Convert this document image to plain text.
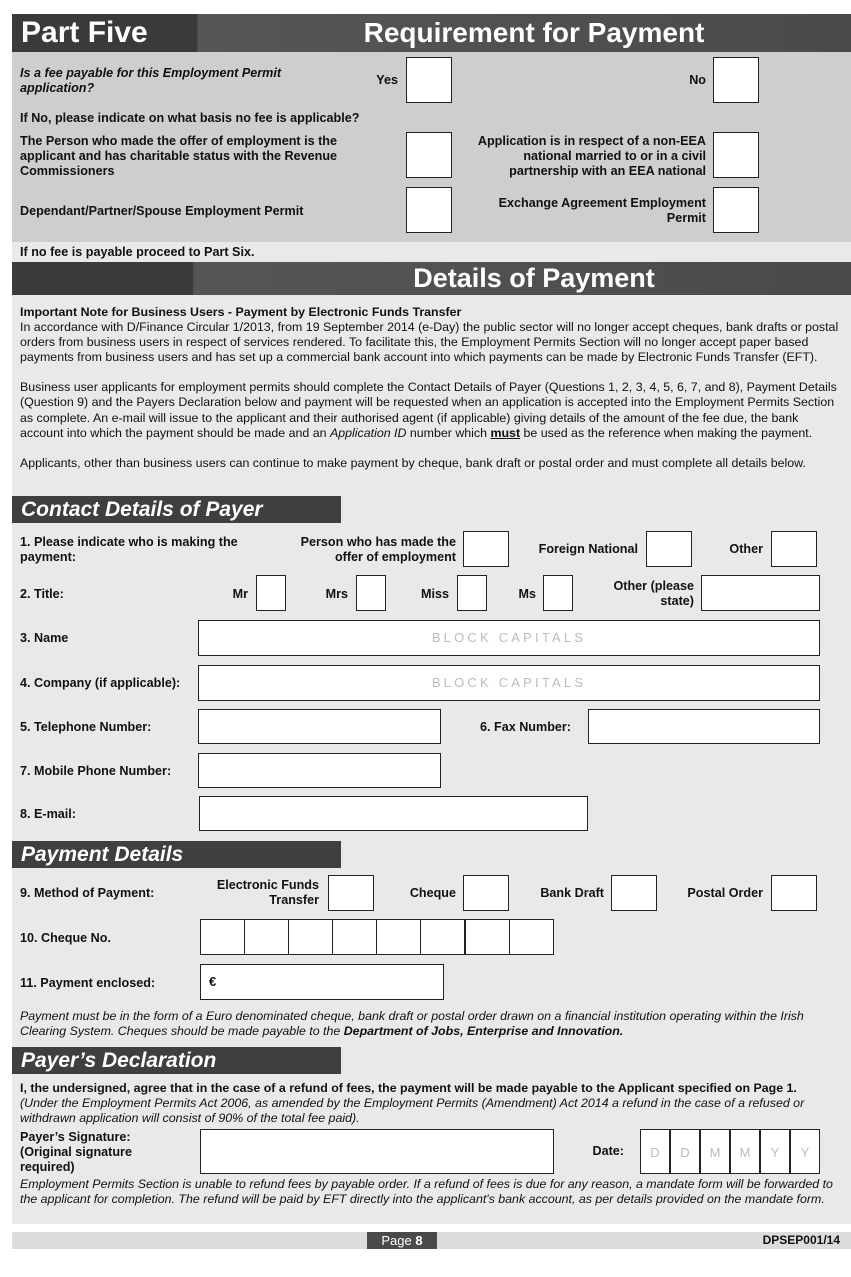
Part Five	Requirement for Payment
Is a fee payable for this Employment Permit application?
Yes	No
If No, please indicate on what basis no fee is applicable?
The Person who made the offer of employment is the applicant and has charitable status with the Revenue Commissioners
Application is in respect of a non-EEA national married to or in a civil partnership with an EEA national
Dependant/Partner/Spouse Employment Permit
Exchange Agreement Employment Permit
If no fee is payable proceed to Part Six.
Details of Payment
Important Note for Business Users - Payment by Electronic Funds Transfer
In accordance with D/Finance Circular 1/2013, from 19 September 2014 (e-Day) the public sector will no longer accept cheques, bank drafts or postal orders from business users in respect of services rendered. To facilitate this, the Employment Permits Section will no longer accept paper based payments from business users and has set up a commercial bank account into which payments can be made by Electronic Funds Transfer (EFT).
Business user applicants for employment permits should complete the Contact Details of Payer (Questions 1, 2, 3, 4, 5, 6, 7, and 8), Payment Details (Question 9) and the Payers Declaration below and payment will be requested when an application is accepted into the Employment Permits Section as complete. An e-mail will issue to the applicant and their authorised agent (if applicable) giving details of the amount of the fee due, the bank account into which the payment should be made and an Application ID number which must be used as the reference when making the payment.
Applicants, other than business users can continue to make payment by cheque, bank draft or postal order and must complete all details below.
Contact Details of Payer
1. Please indicate who is making the payment:
Person who has made the offer of employment
Foreign National	Other
2. Title:	Mr	Mrs	Miss	Ms
Other (please state)
3. Name	BLOCK CAPITALS
4. Company (if applicable):	BLOCK CAPITALS
5. Telephone Number:	6. Fax Number:
7. Mobile Phone Number:
8. E-mail:
Payment Details
9. Method of Payment:
Electronic Funds Transfer	Cheque	Bank Draft	Postal Order
10. Cheque No.
11. Payment enclosed:	€
Payment must be in the form of a Euro denominated cheque, bank draft or postal order drawn on a financial institution operating within the Irish Clearing System. Cheques should be made payable to the Department of Jobs, Enterprise and Innovation.
Payer’s Declaration
I, the undersigned, agree that in the case of a refund of fees, the payment will be made payable to the Applicant specified on Page 1.
(Under the Employment Permits Act 2006, as amended by the Employment Permits (Amendment) Act 2014 a refund in the case of a refused or withdrawn application will consist of 90% of the total fee paid).
Payer’s Signature:
(Original signature required)
Date:	D	D	M	M	Y	Y
Employment Permits Section is unable to refund fees by payable order. If a refund of fees is due for any reason, a mandate form will be forwarded to the applicant for completion. The refund will be paid by EFT directly into the applicant's bank account, as per details provided on the mandate form.
Page 8	DPSEP001/14
